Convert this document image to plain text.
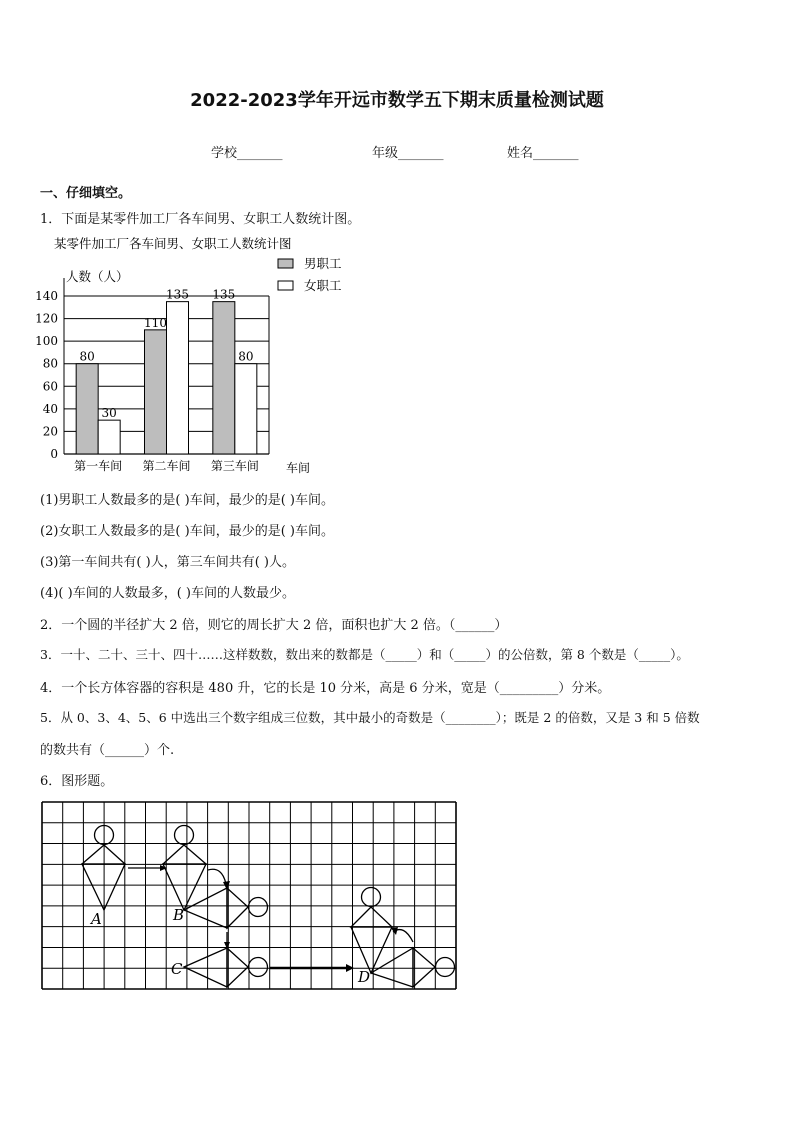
2022-2023学年开远市数学五下期末质量检测试题
学校_______	年级_______	姓名_______
一、仔细填空。
1．下面是某零件加工厂各车间男、女职工人数统计图。
某零件加工厂各车间男、女职工人数统计图
人数（人）
车间
男职工
女职工
0
20
40
60
80
100
120
140
80
30
第一车间
110
135
第二车间
135
80
第三车间
(1)男职工人数最多的是( )车间，最少的是( )车间。
(2)女职工人数最多的是( )车间，最少的是( )车间。
(3)第一车间共有( )人，第三车间共有( )人。
(4)( )车间的人数最多，( )车间的人数最少。
2．一个圆的半径扩大 2 倍，则它的周长扩大 2 倍，面积也扩大 2 倍。（______）
3．一十、二十、三十、四十……这样数数，数出来的数都是（_____）和（_____）的公倍数，第 8 个数是（_____）。
4．一个长方体容器的容积是 480 升，它的长是 10 分米，高是 6 分米，宽是（_________）分米。
5．从 0、3、4、5、6 中选出三个数字组成三位数，其中最小的奇数是（________）；既是 2 的倍数，又是 3 和 5 倍数
的数共有（______）个.
6．图形题。
A	B
C	D
